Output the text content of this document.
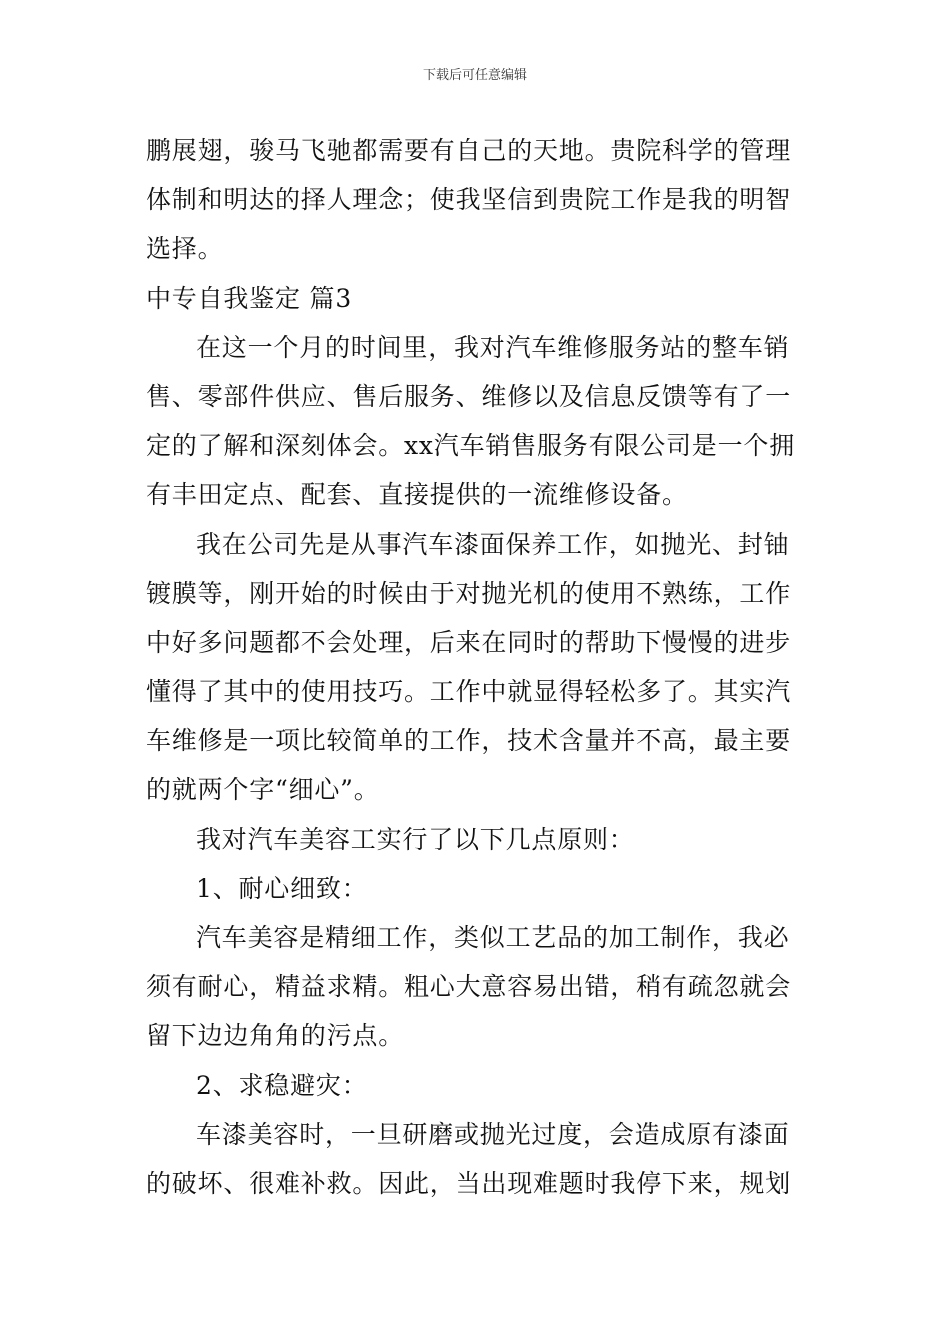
下载后可任意编辑
鹏展翅，骏马飞驰都需要有自己的天地。贵院科学的管理
体制和明达的择人理念；使我坚信到贵院工作是我的明智
选择。
中专自我鉴定 篇3
在这一个月的时间里，我对汽车维修服务站的整车销
售、零部件供应、售后服务、维修以及信息反馈等有了一
定的了解和深刻体会。xx汽车销售服务有限公司是一个拥
有丰田定点、配套、直接提供的一流维修设备。
我在公司先是从事汽车漆面保养工作，如抛光、封铀
镀膜等，刚开始的时候由于对抛光机的使用不熟练，工作
中好多问题都不会处理，后来在同时的帮助下慢慢的进步
懂得了其中的使用技巧。工作中就显得轻松多了。其实汽
车维修是一项比较简单的工作，技术含量并不高，最主要
的就两个字“细心”。
我对汽车美容工实行了以下几点原则：
1、耐心细致：
汽车美容是精细工作，类似工艺品的加工制作，我必
须有耐心，精益求精。粗心大意容易出错，稍有疏忽就会
留下边边角角的污点。
2、求稳避灾：
车漆美容时，一旦研磨或抛光过度，会造成原有漆面
的破坏、很难补救。因此，当出现难题时我停下来，规划
